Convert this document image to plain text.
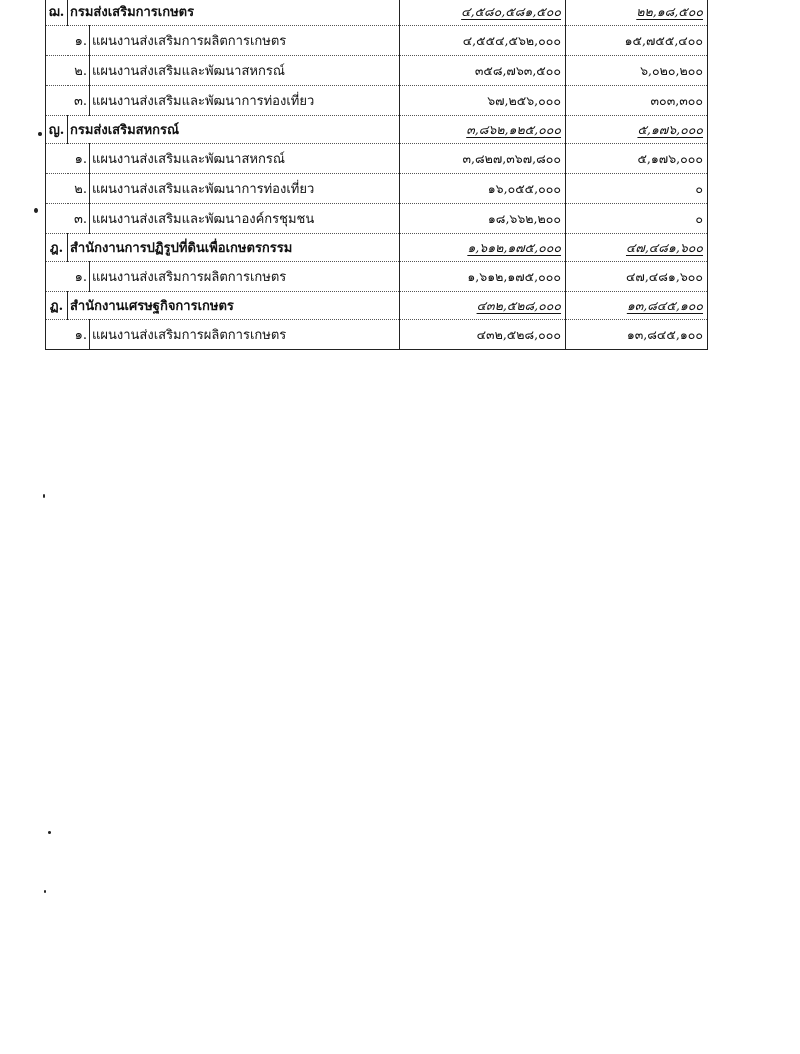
ฌ.	กรมส่งเสริมการเกษตร		๔,๕๘๐,๕๘๑,๕๐๐	๒๒,๑๘,๕๐๐
	๑.	แผนงานส่งเสริมการผลิตการเกษตร	๔,๕๕๔,๕๖๒,๐๐๐	๑๕,๗๕๕,๔๐๐
	๒.	แผนงานส่งเสริมและพัฒนาสหกรณ์	๓๕๘,๗๖๓,๕๐๐	๖,๐๒๐,๒๐๐
	๓.	แผนงานส่งเสริมและพัฒนาการท่องเที่ยว	๖๗,๒๕๖,๐๐๐	๓๐๓,๓๐๐
ญ.	กรมส่งเสริมสหกรณ์		๓,๘๖๒,๑๒๕,๐๐๐	๕,๑๗๖,๐๐๐
	๑.	แผนงานส่งเสริมและพัฒนาสหกรณ์	๓,๘๒๗,๓๖๗,๘๐๐	๕,๑๗๖,๐๐๐
	๒.	แผนงานส่งเสริมและพัฒนาการท่องเที่ยว	๑๖,๐๕๕,๐๐๐	๐
	๓.	แผนงานส่งเสริมและพัฒนาองค์กรชุมชน	๑๘,๖๖๒,๒๐๐	๐
ฎ.	สำนักงานการปฏิรูปที่ดินเพื่อเกษตรกรรม		๑,๖๑๒,๑๗๕,๐๐๐	๔๗,๔๘๑,๖๐๐
	๑.	แผนงานส่งเสริมการผลิตการเกษตร	๑,๖๑๒,๑๗๕,๐๐๐	๔๗,๔๘๑,๖๐๐
ฏ.	สำนักงานเศรษฐกิจการเกษตร		๔๓๒,๕๒๘,๐๐๐	๑๓,๘๔๕,๑๐๐
	๑.	แผนงานส่งเสริมการผลิตการเกษตร	๔๓๒,๕๒๘,๐๐๐	๑๓,๘๔๕,๑๐๐
